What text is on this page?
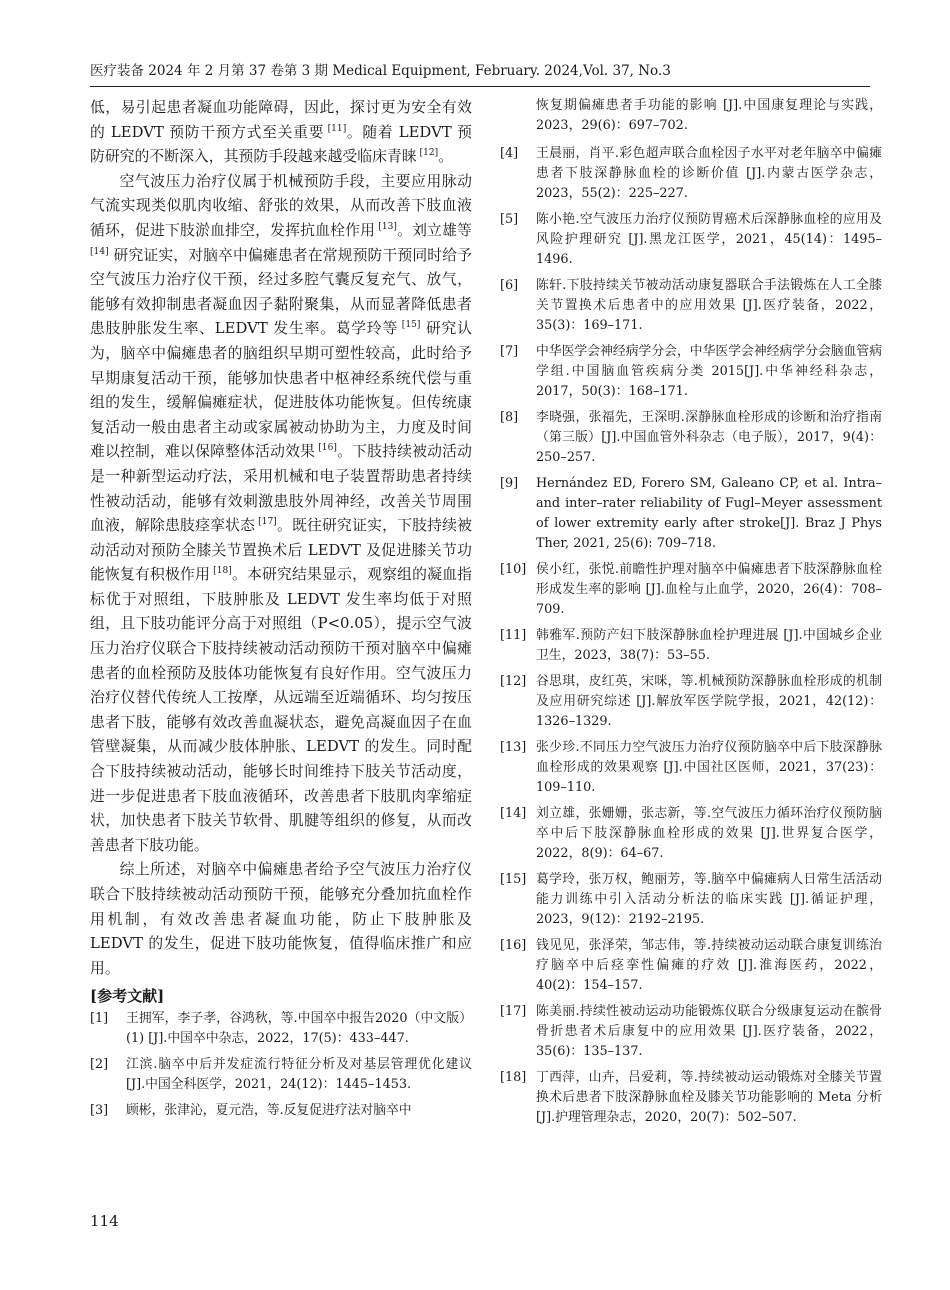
医疗装备 2024 年 2 月第 37 卷第 3 期 Medical Equipment, February. 2024,Vol. 37, No.3

低，易引起患者凝血功能障碍，因此，探讨更为安全有效的 LEDVT 预防干预方式至关重要 [11]。随着 LEDVT 预防研究的不断深入，其预防手段越来越受临床青睐 [12]。

空气波压力治疗仪属于机械预防手段，主要应用脉动气流实现类似肌肉收缩、舒张的效果，从而改善下肢血液循环，促进下肢淤血排空，发挥抗血栓作用 [13]。刘立雄等 [14] 研究证实，对脑卒中偏瘫患者在常规预防干预同时给予空气波压力治疗仪干预，经过多腔气囊反复充气、放气，能够有效抑制患者凝血因子黏附聚集，从而显著降低患者患肢肿胀发生率、LEDVT 发生率。葛学玲等 [15] 研究认为，脑卒中偏瘫患者的脑组织早期可塑性较高，此时给予早期康复活动干预，能够加快患者中枢神经系统代偿与重组的发生，缓解偏瘫症状，促进肢体功能恢复。但传统康复活动一般由患者主动或家属被动协助为主，力度及时间难以控制，难以保障整体活动效果 [16]。下肢持续被动活动是一种新型运动疗法，采用机械和电子装置帮助患者持续性被动活动，能够有效刺激患肢外周神经，改善关节周围血液，解除患肢痉挛状态 [17]。既往研究证实，下肢持续被动活动对预防全膝关节置换术后 LEDVT 及促进膝关节功能恢复有积极作用 [18]。本研究结果显示，观察组的凝血指标优于对照组，下肢肿胀及 LEDVT 发生率均低于对照组，且下肢功能评分高于对照组（P<0.05），提示空气波压力治疗仪联合下肢持续被动活动预防干预对脑卒中偏瘫患者的血栓预防及肢体功能恢复有良好作用。空气波压力治疗仪替代传统人工按摩，从远端至近端循环、均匀按压患者下肢，能够有效改善血凝状态，避免高凝血因子在血管壁凝集，从而减少肢体肿胀、LEDVT 的发生。同时配合下肢持续被动活动，能够长时间维持下肢关节活动度，进一步促进患者下肢血液循环，改善患者下肢肌肉挛缩症状，加快患者下肢关节软骨、肌腱等组织的修复，从而改善患者下肢功能。

综上所述，对脑卒中偏瘫患者给予空气波压力治疗仪联合下肢持续被动活动预防干预，能够充分叠加抗血栓作用机制，有效改善患者凝血功能，防止下肢肿胀及 LEDVT 的发生，促进下肢功能恢复，值得临床推广和应用。

[参考文献]
[1]	王拥军，李子孝，谷鸿秋，等.中国卒中报告2020（中文版）(1) [J].中国卒中杂志，2022，17(5)：433–447.
[2]	江滨.脑卒中后并发症流行特征分析及对基层管理优化建议 [J].中国全科医学，2021，24(12)：1445–1453.
[3]	顾彬，张津沁，夏元浩，等.反复促进疗法对脑卒中
恢复期偏瘫患者手功能的影响 [J].中国康复理论与实践，2023，29(6)：697–702.
[4]	王晨丽，肖平.彩色超声联合血栓因子水平对老年脑卒中偏瘫患者下肢深静脉血栓的诊断价值 [J].内蒙古医学杂志，2023，55(2)：225–227.
[5]	陈小艳.空气波压力治疗仪预防胃癌术后深静脉血栓的应用及风险护理研究 [J].黑龙江医学，2021，45(14)：1495–1496.
[6]	陈轩.下肢持续关节被动活动康复器联合手法锻炼在人工全膝关节置换术后患者中的应用效果 [J].医疗装备，2022，35(3)：169–171.
[7]	中华医学会神经病学分会，中华医学会神经病学分会脑血管病学组.中国脑血管疾病分类 2015[J].中华神经科杂志，2017，50(3)：168–171.
[8]	李晓强，张福先，王深明.深静脉血栓形成的诊断和治疗指南（第三版）[J].中国血管外科杂志（电子版），2017，9(4)：250–257.
[9]	Hernández ED, Forero SM, Galeano CP, et al. Intra–and inter–rater reliability of Fugl–Meyer assessment of lower extremity early after stroke[J]. Braz J Phys Ther, 2021, 25(6): 709–718.
[10] 侯小红，张悦.前瞻性护理对脑卒中偏瘫患者下肢深静脉血栓形成发生率的影响 [J].血栓与止血学，2020，26(4)：708–709.
[11] 韩雅军.预防产妇下肢深静脉血栓护理进展 [J].中国城乡企业卫生，2023，38(7)：53–55.
[12] 谷思琪，皮红英，宋咪，等.机械预防深静脉血栓形成的机制及应用研究综述 [J].解放军医学院学报，2021，42(12)：1326–1329.
[13] 张少珍.不同压力空气波压力治疗仪预防脑卒中后下肢深静脉血栓形成的效果观察 [J].中国社区医师，2021，37(23)：109–110.
[14] 刘立雄，张姗姗，张志新，等.空气波压力循环治疗仪预防脑卒中后下肢深静脉血栓形成的效果 [J].世界复合医学，2022，8(9)：64–67.
[15] 葛学玲，张万权，鲍丽芳，等.脑卒中偏瘫病人日常生活活动能力训练中引入活动分析法的临床实践 [J].循证护理，2023，9(12)：2192–2195.
[16] 钱见见，张泽荣，邹志伟，等.持续被动运动联合康复训练治疗脑卒中后痉挛性偏瘫的疗效 [J].淮海医药，2022，40(2)：154–157.
[17] 陈美丽.持续性被动运动功能锻炼仪联合分级康复运动在髌骨骨折患者术后康复中的应用效果 [J].医疗装备，2022，35(6)：135–137.
[18] 丁西萍，山卉，吕爱莉，等.持续被动运动锻炼对全膝关节置换术后患者下肢深静脉血栓及膝关节功能影响的 Meta 分析 [J].护理管理杂志，2020，20(7)：502–507.
114
